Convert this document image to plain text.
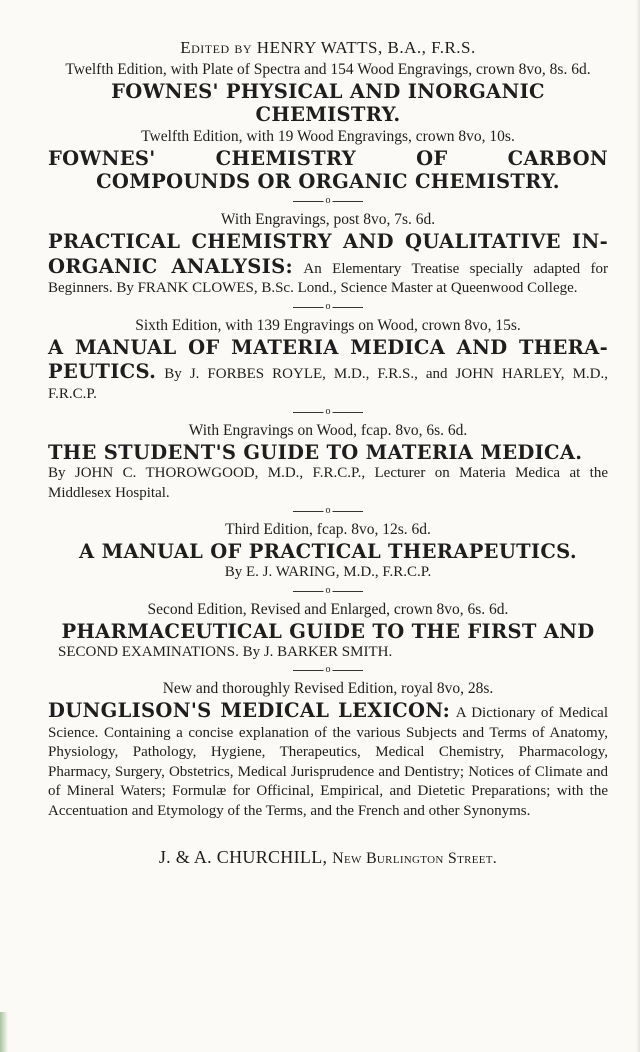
Edited by HENRY WATTS, B.A., F.R.S.
Twelfth Edition, with Plate of Spectra and 154 Wood Engravings, crown 8vo, 8s. 6d.
FOWNES' PHYSICAL AND INORGANIC CHEMISTRY.
Twelfth Edition, with 19 Wood Engravings, crown 8vo, 10s.
FOWNES' CHEMISTRY OF CARBON COMPOUNDS OR ORGANIC CHEMISTRY.
o
With Engravings, post 8vo, 7s. 6d.
PRACTICAL CHEMISTRY AND QUALITATIVE IN-ORGANIC ANALYSIS: An Elementary Treatise specially adapted for Beginners. By FRANK CLOWES, B.Sc. Lond., Science Master at Queenwood College.
o
Sixth Edition, with 139 Engravings on Wood, crown 8vo, 15s.
A MANUAL OF MATERIA MEDICA AND THERA-PEUTICS. By J. FORBES ROYLE, M.D., F.R.S., and JOHN HARLEY, M.D., F.R.C.P.
o
With Engravings on Wood, fcap. 8vo, 6s. 6d.
THE STUDENT'S GUIDE TO MATERIA MEDICA.
By JOHN C. THOROWGOOD, M.D., F.R.C.P., Lecturer on Materia Medica at the Middlesex Hospital.
o
Third Edition, fcap. 8vo, 12s. 6d.
A MANUAL OF PRACTICAL THERAPEUTICS.
By E. J. WARING, M.D., F.R.C.P.
o
Second Edition, Revised and Enlarged, crown 8vo, 6s. 6d.
PHARMACEUTICAL GUIDE TO THE FIRST AND
SECOND EXAMINATIONS. By J. BARKER SMITH.
o
New and thoroughly Revised Edition, royal 8vo, 28s.
DUNGLISON'S MEDICAL LEXICON: A Dictionary of Medical Science. Containing a concise explanation of the various Subjects and Terms of Anatomy, Physiology, Pathology, Hygiene, Therapeutics, Medical Chemistry, Pharmacology, Pharmacy, Surgery, Obstetrics, Medical Jurisprudence and Dentistry; Notices of Climate and of Mineral Waters; Formulæ for Officinal, Empirical, and Dietetic Preparations; with the Accentuation and Etymology of the Terms, and the French and other Synonyms.
J. & A. CHURCHILL, New Burlington Street.
